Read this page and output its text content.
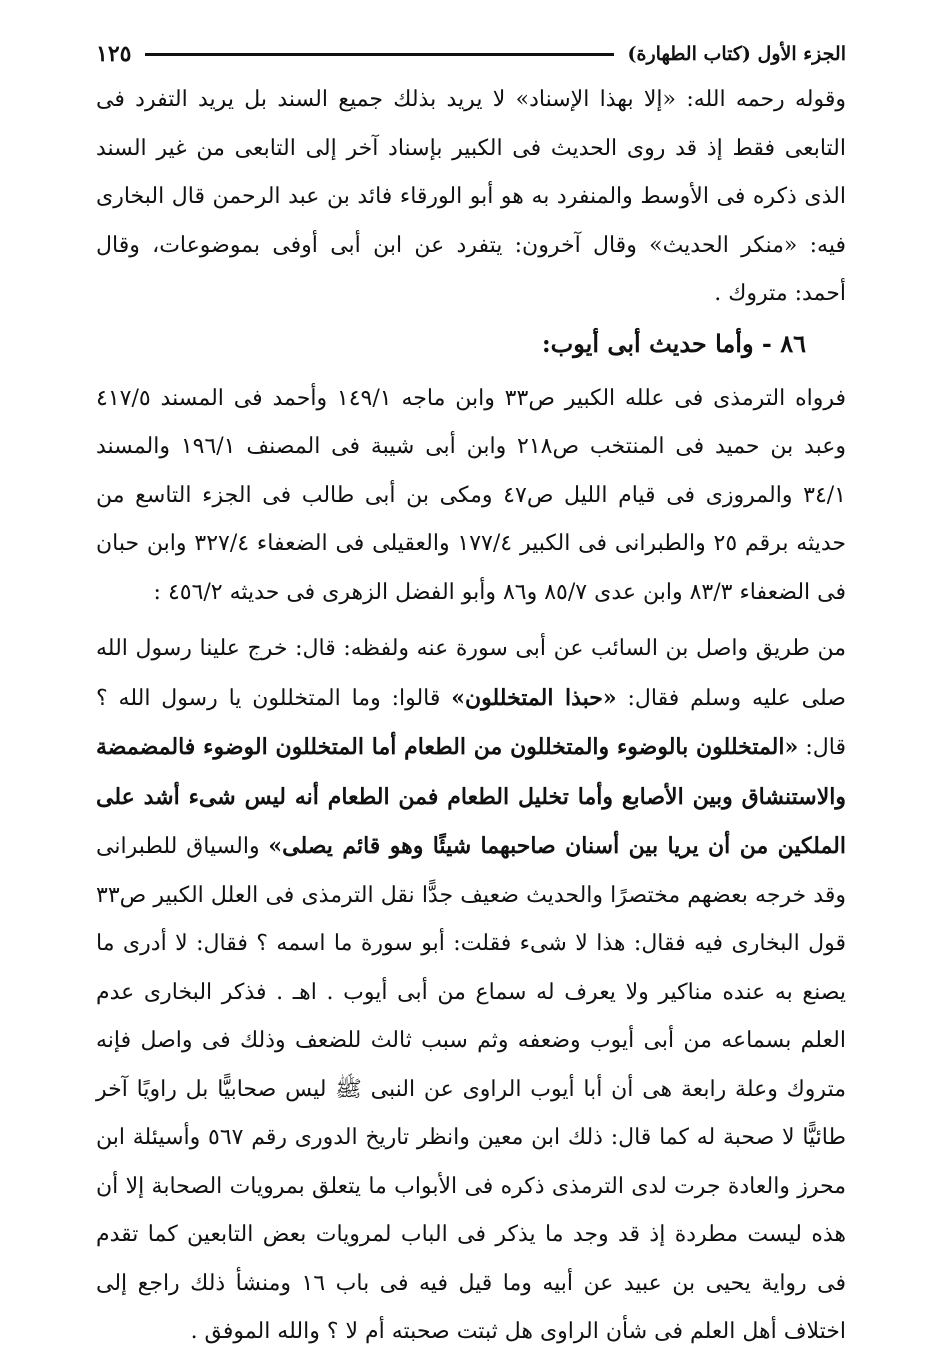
الجزء الأول (كتاب الطهارة)
١٢٥

وقوله رحمه الله: «إلا بهذا الإسناد» لا يريد بذلك جميع السند بل يريد التفرد فى التابعى فقط إذ قد روى الحديث فى الكبير بإسناد آخر إلى التابعى من غير السند الذى ذكره فى الأوسط والمنفرد به هو أبو الورقاء فائد بن عبد الرحمن قال البخارى فيه: «منكر الحديث» وقال آخرون: يتفرد عن ابن أبى أوفى بموضوعات، وقال أحمد: متروك .

٨٦ - وأما حديث أبى أيوب:

فرواه الترمذى فى علله الكبير ص٣٣ وابن ماجه ١٤٩/١ وأحمد فى المسند ٤١٧/٥ وعبد بن حميد فى المنتخب ص٢١٨ وابن أبى شيبة فى المصنف ١٩٦/١ والمسند ٣٤/١ والمروزى فى قيام الليل ص٤٧ ومكى بن أبى طالب فى الجزء التاسع من حديثه برقم ٢٥ والطبرانى فى الكبير ١٧٧/٤ والعقيلى فى الضعفاء ٣٢٧/٤ وابن حبان فى الضعفاء ٨٣/٣ وابن عدى ٨٥/٧ و٨٦ وأبو الفضل الزهرى فى حديثه ٤٥٦/٢ :

من طريق واصل بن السائب عن أبى سورة عنه ولفظه: قال: خرج علينا رسول الله صلى عليه وسلم فقال: «حبذا المتخللون» قالوا: وما المتخللون يا رسول الله ؟ قال: «المتخللون بالوضوء والمتخللون من الطعام أما المتخللون الوضوء فالمضمضة والاستنشاق وبين الأصابع وأما تخليل الطعام فمن الطعام أنه ليس شىء أشد على الملكين من أن يريا بين أسنان صاحبهما شيئًا وهو قائم يصلى» والسياق للطبرانى وقد خرجه بعضهم مختصرًا والحديث ضعيف جدًّا نقل الترمذى فى العلل الكبير ص٣٣ قول البخارى فيه فقال: هذا لا شىء فقلت: أبو سورة ما اسمه ؟ فقال: لا أدرى ما يصنع به عنده مناكير ولا يعرف له سماع من أبى أيوب . اهـ . فذكر البخارى عدم العلم بسماعه من أبى أيوب وضعفه وثم سبب ثالث للضعف وذلك فى واصل فإنه متروك وعلة رابعة هى أن أبا أيوب الراوى عن النبى ﷺ ليس صحابيًّا بل راويًا آخر طائيًّا لا صحبة له كما قال: ذلك ابن معين وانظر تاريخ الدورى رقم ٥٦٧ وأسيئلة ابن محرز والعادة جرت لدى الترمذى ذكره فى الأبواب ما يتعلق بمرويات الصحابة إلا أن هذه ليست مطردة إذ قد وجد ما يذكر فى الباب لمرويات بعض التابعين كما تقدم فى رواية يحيى بن عبيد عن أبيه وما قيل فيه فى باب ١٦ ومنشأ ذلك راجع إلى اختلاف أهل العلم فى شأن الراوى هل ثبتت صحبته أم لا ؟ والله الموفق .
